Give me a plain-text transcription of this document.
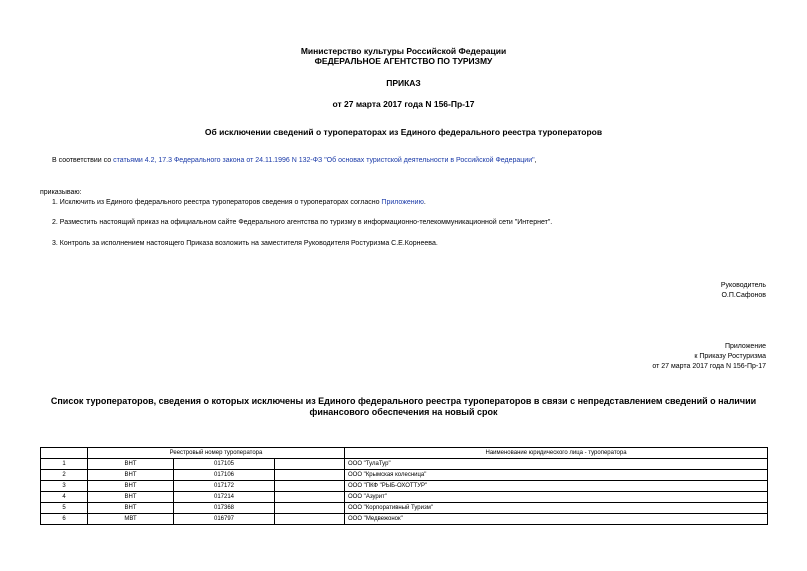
Министерство культуры Российской Федерации
ФЕДЕРАЛЬНОЕ АГЕНТСТВО ПО ТУРИЗМУ
ПРИКАЗ
от 27 марта 2017 года N 156-Пр-17
Об исключении сведений о туроператорах из Единого федерального реестра туроператоров
В соответствии со статьями 4.2, 17.3 Федерального закона от 24.11.1996 N 132-ФЗ "Об основах туристской деятельности в Российской Федерации",
приказываю:
1. Исключить из Единого федерального реестра туроператоров сведения о туроператорах согласно Приложению.
2. Разместить настоящий приказ на официальном сайте Федерального агентства по туризму в информационно-телекоммуникационной сети "Интернет".
3. Контроль за исполнением настоящего Приказа возложить на заместителя Руководителя Ростуризма С.Е.Корнеева.
Руководитель
О.П.Сафонов
Приложение
к Приказу Ростуризма
от 27 марта 2017 года N 156-Пр-17
Список туроператоров, сведения о которых исключены из Единого федерального реестра туроператоров в связи с непредставлением сведений о наличии финансового обеспечения на новый срок
	Реестровый номер туроператора			Наименование юридического лица - туроператора
1	ВНТ	017105		ООО "ТулаТур"
2	ВНТ	017106		ООО "Крымская колесница"
3	ВНТ	017172		ООО "ПКФ "РЫБ-ОХОТТУР"
4	ВНТ	017214		ООО "Азурит"
5	ВНТ	017368		ООО "Корпоративный Туризм"
6	МВТ	016797		ООО "Медвежонок"
